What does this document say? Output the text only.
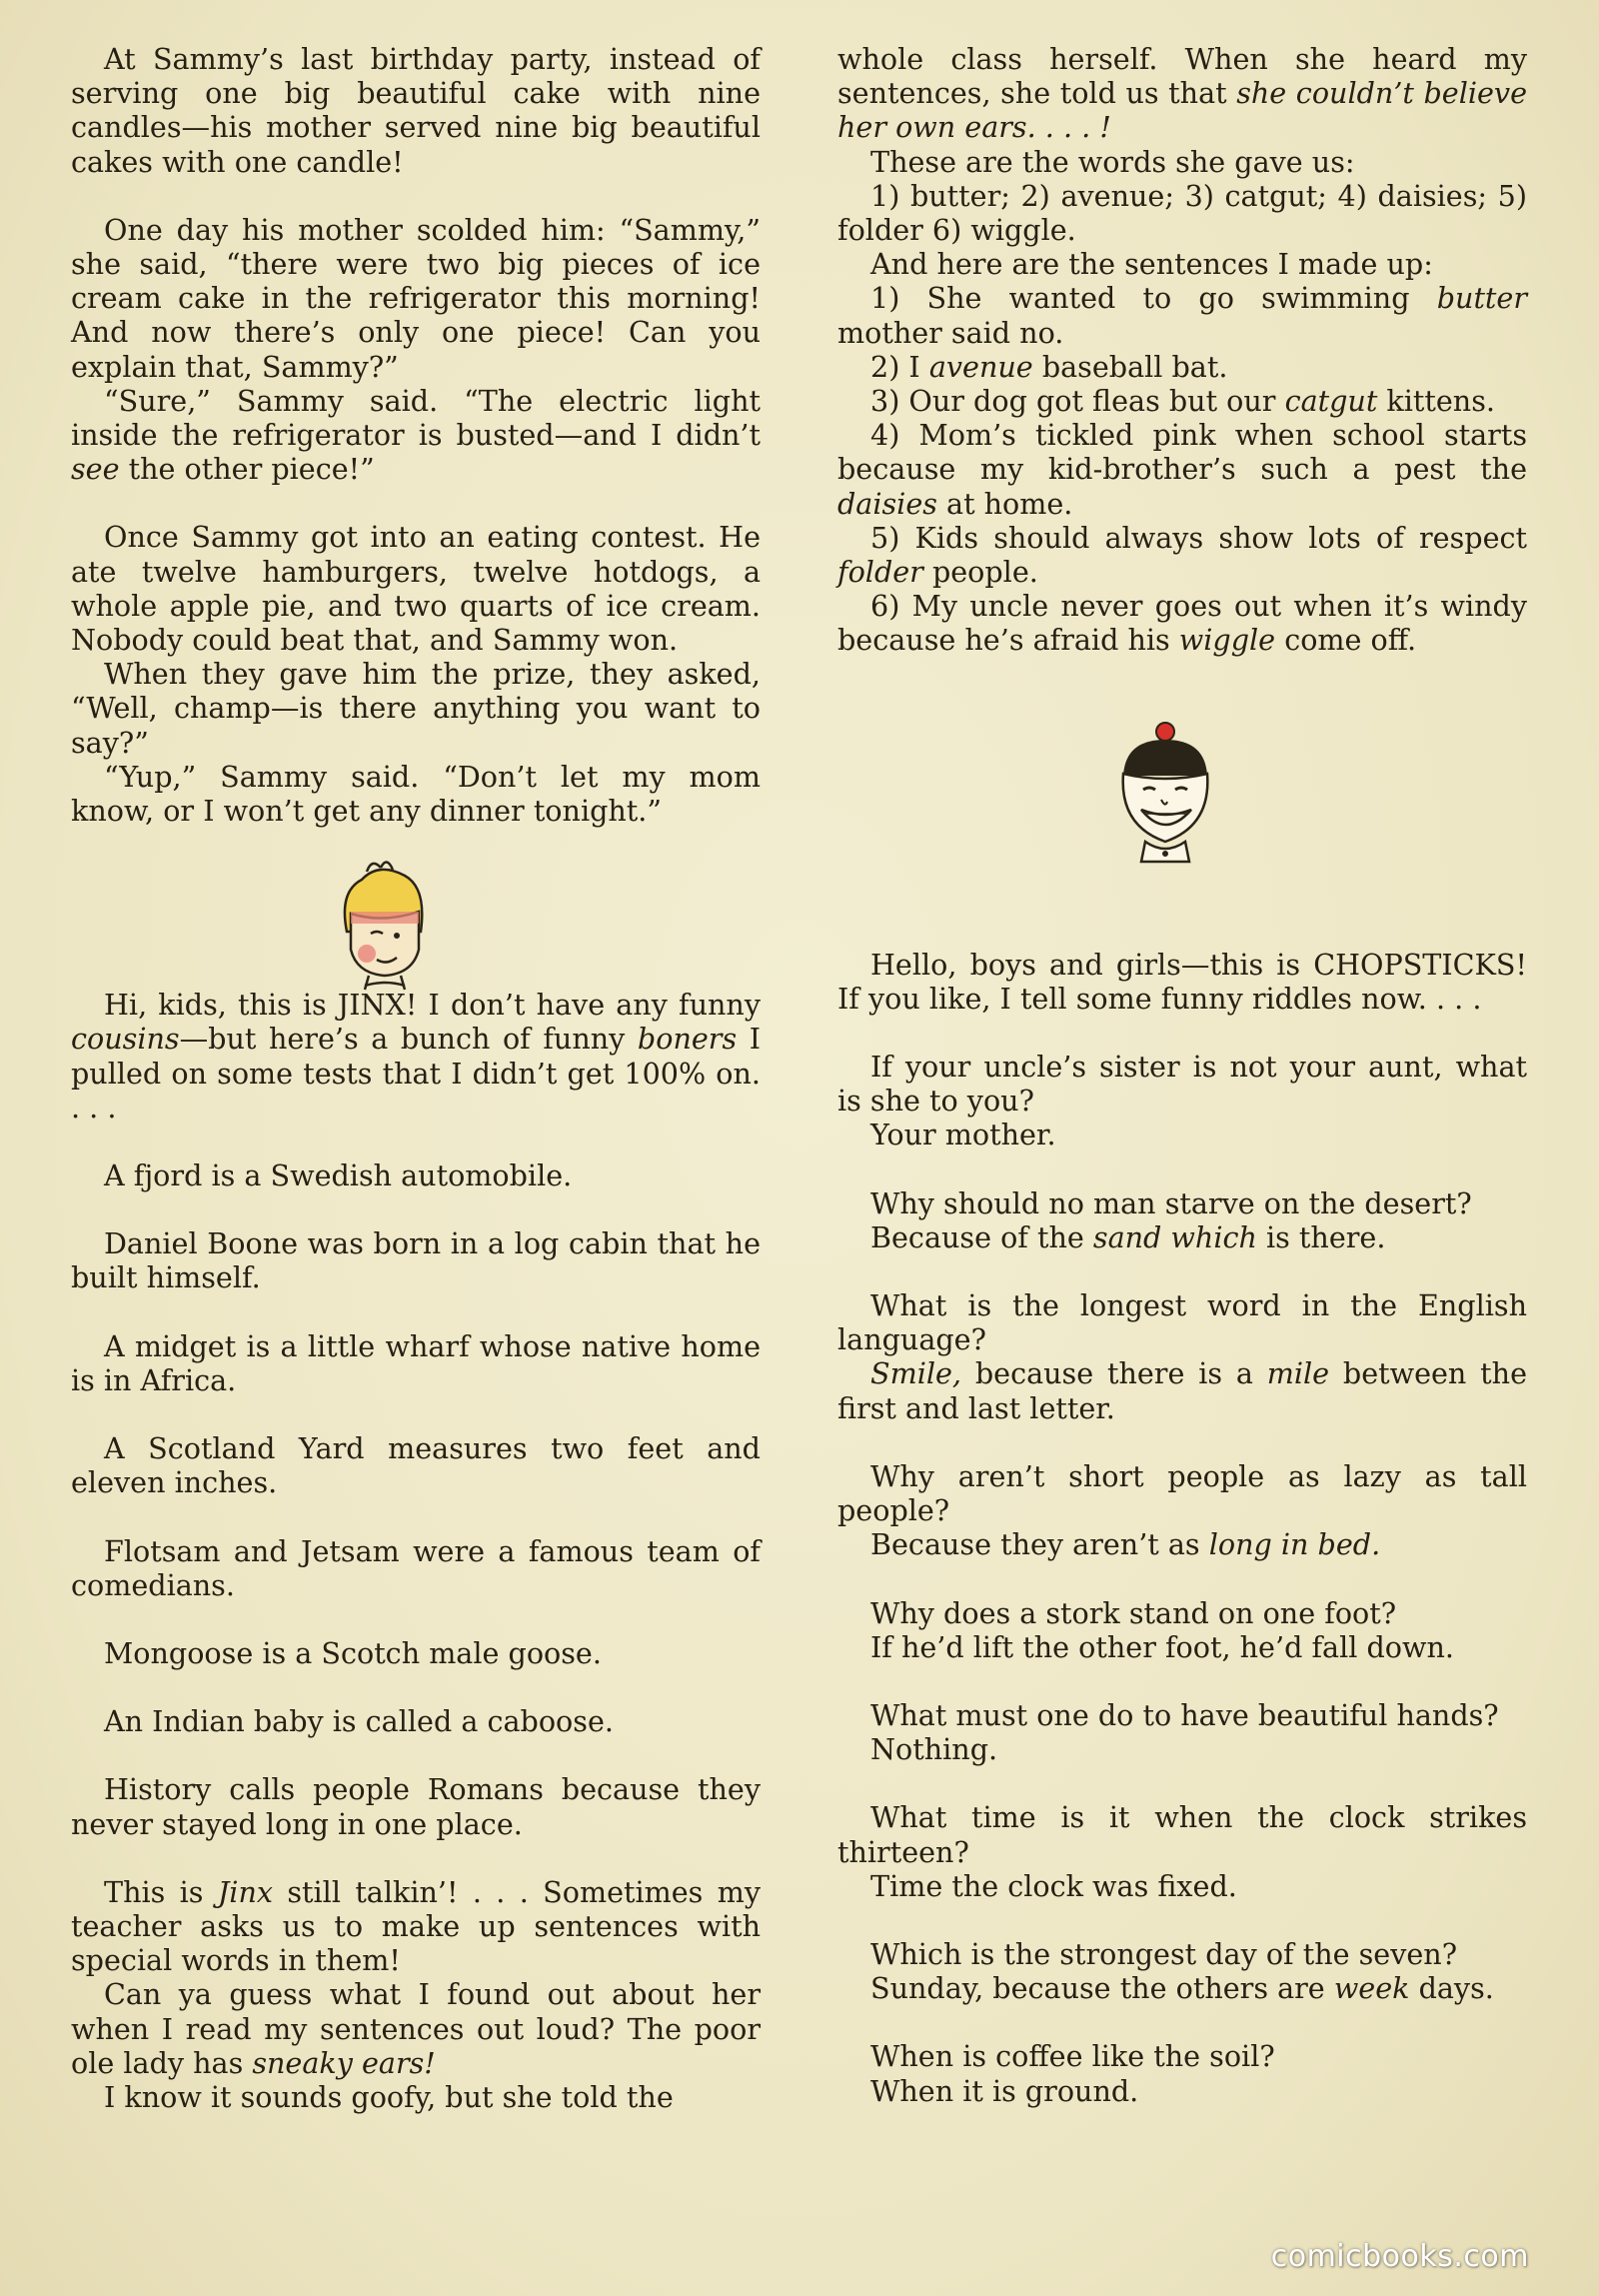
At Sammy’s last birthday party, instead of serving one big beautiful cake with nine candles—his mother served nine big beautiful cakes with one candle!

One day his mother scolded him: “Sammy,” she said, “there were two big pieces of ice cream cake in the refrigerator this morning! And now there’s only one piece! Can you explain that, Sammy?”

“Sure,” Sammy said. “The electric light inside the refrigerator is busted—and I didn’t see the other piece!”

Once Sammy got into an eating contest. He ate twelve hamburgers, twelve hotdogs, a whole apple pie, and two quarts of ice cream. Nobody could beat that, and Sammy won.

When they gave him the prize, they asked, “Well, champ—is there anything you want to say?”

“Yup,” Sammy said. “Don’t let my mom know, or I won’t get any dinner tonight.”

Hi, kids, this is JINX! I don’t have any funny cousins—but here’s a bunch of funny boners I pulled on some tests that I didn’t get 100% on. . . .

A fjord is a Swedish automobile.

Daniel Boone was born in a log cabin that he built himself.

A midget is a little wharf whose native home is in Africa.

A Scotland Yard measures two feet and eleven inches.

Flotsam and Jetsam were a famous team of comedians.

Mongoose is a Scotch male goose.

An Indian baby is called a caboose.

History calls people Romans because they never stayed long in one place.

This is Jinx still talkin’! . . . Sometimes my teacher asks us to make up sentences with special words in them!

Can ya guess what I found out about her when I read my sentences out loud? The poor ole lady has sneaky ears!

I know it sounds goofy, but she told the

whole class herself. When she heard my sentences, she told us that she couldn’t believe her own ears. . . . !

These are the words she gave us:

1) butter; 2) avenue; 3) catgut; 4) daisies; 5) folder 6) wiggle.

And here are the sentences I made up:

1) She wanted to go swimming butter mother said no.

2) I avenue baseball bat.

3) Our dog got fleas but our catgut kittens.

4) Mom’s tickled pink when school starts because my kid-brother’s such a pest the daisies at home.

5) Kids should always show lots of respect folder people.

6) My uncle never goes out when it’s windy because he’s afraid his wiggle come off.

Hello, boys and girls—this is CHOPSTICKS! If you like, I tell some funny riddles now. . . .

If your uncle’s sister is not your aunt, what is she to you?

Your mother.

Why should no man starve on the desert?

Because of the sand which is there.

What is the longest word in the English language?

Smile, because there is a mile between the first and last letter.

Why aren’t short people as lazy as tall people?

Because they aren’t as long in bed.

Why does a stork stand on one foot?

If he’d lift the other foot, he’d fall down.

What must one do to have beautiful hands?

Nothing.

What time is it when the clock strikes thirteen?

Time the clock was fixed.

Which is the strongest day of the seven?

Sunday, because the others are week days.

When is coffee like the soil?

When it is ground.

comicbooks.com
